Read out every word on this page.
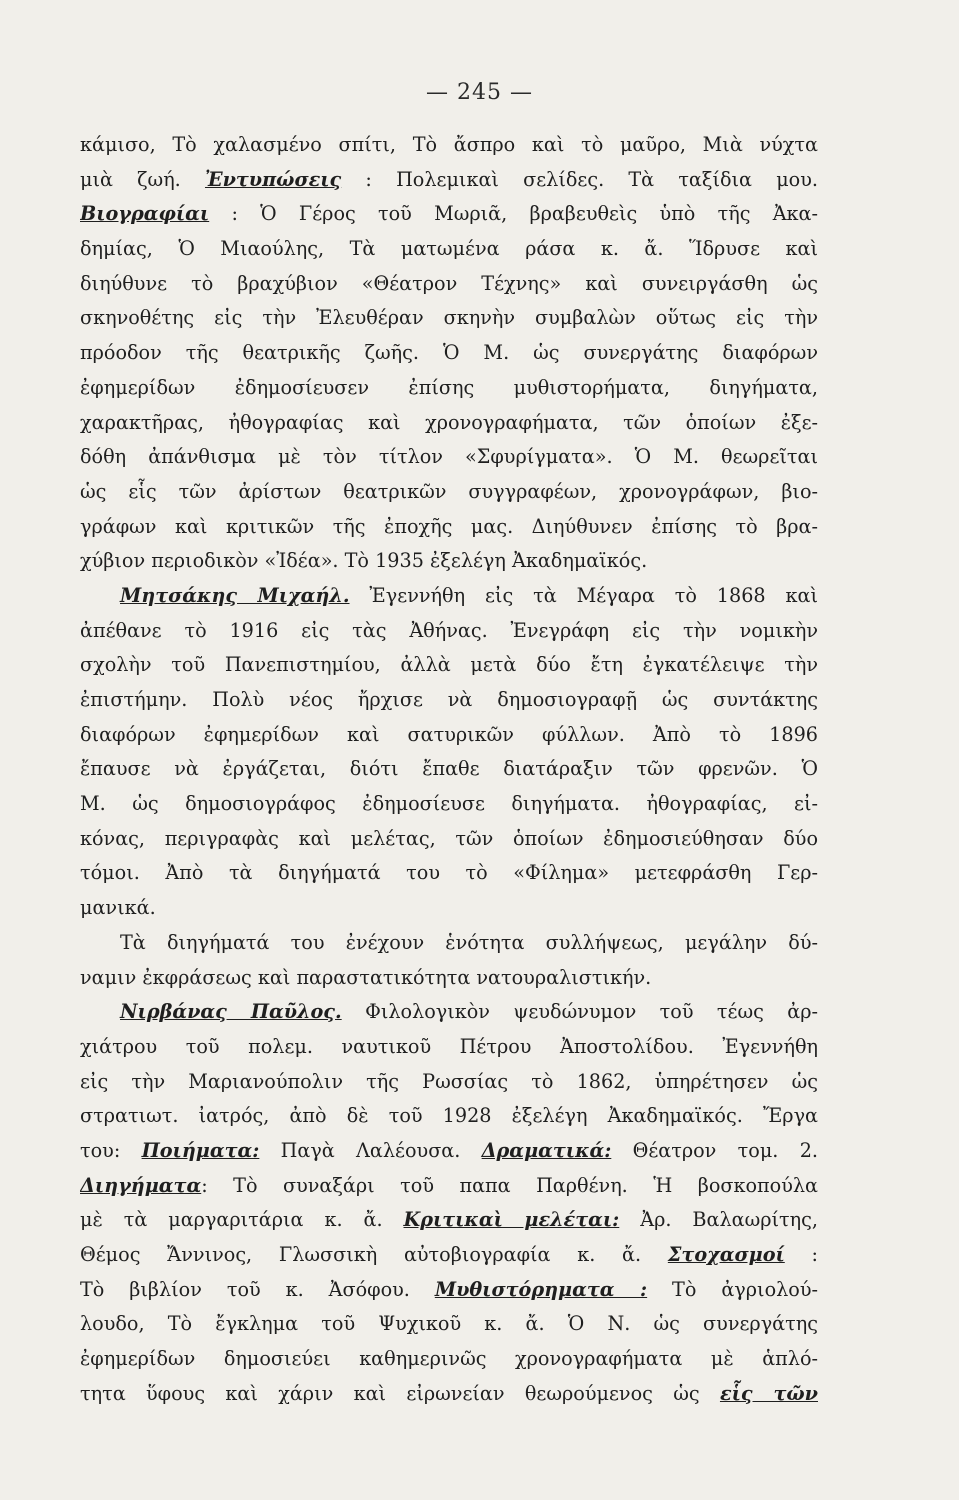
— 245 —
κάμισο, Τὸ χαλασμένο σπίτι, Τὸ ἄσπρο καὶ τὸ μαῦρο, Μιὰ νύχτα
μιὰ ζωή. Ἐντυπώσεις : Πολεμικαὶ σελίδες. Τὰ ταξίδια μου.
Βιογραφίαι : Ὁ Γέρος τοῦ Μωριᾶ, βραβευθεὶς ὑπὸ τῆς Ἀκα-
δημίας, Ὁ Μιαούλης, Τὰ ματωμένα ράσα κ. ἄ. Ἵδρυσε καὶ
διηύθυνε τὸ βραχύβιον «Θέατρον Τέχνης» καὶ συνειργάσθη ὡς
σκηνοθέτης εἰς τὴν Ἐλευθέραν σκηνὴν συμβαλὼν οὕτως εἰς τὴν
πρόοδον τῆς θεατρικῆς ζωῆς. Ὁ Μ. ὡς συνεργάτης διαφόρων
ἐφημερίδων ἐδημοσίευσεν ἐπίσης μυθιστορήματα, διηγήματα,
χαρακτῆρας, ἠθογραφίας καὶ χρονογραφήματα, τῶν ὁποίων ἐξε-
δόθη ἀπάνθισμα μὲ τὸν τίτλον «Σφυρίγματα». Ὁ Μ. θεωρεῖται
ὡς εἷς τῶν ἀρίστων θεατρικῶν συγγραφέων, χρονογράφων, βιο-
γράφων καὶ κριτικῶν τῆς ἐποχῆς μας. Διηύθυνεν ἐπίσης τὸ βρα-
χύβιον περιοδικὸν «Ἰδέα». Τὸ 1935 ἐξελέγη Ἀκαδημαϊκός.
Μητσάκης Μιχαήλ. Ἐγεννήθη εἰς τὰ Μέγαρα τὸ 1868 καὶ
ἀπέθανε τὸ 1916 εἰς τὰς Ἀθήνας. Ἐνεγράφη εἰς τὴν νομικὴν
σχολὴν τοῦ Πανεπιστημίου, ἀλλὰ μετὰ δύο ἔτη ἐγκατέλειψε τὴν
ἐπιστήμην. Πολὺ νέος ἤρχισε νὰ δημοσιογραφῇ ὡς συντάκτης
διαφόρων ἐφημερίδων καὶ σατυρικῶν φύλλων. Ἀπὸ τὸ 1896
ἔπαυσε νὰ ἐργάζεται, διότι ἔπαθε διατάραξιν τῶν φρενῶν. Ὁ
Μ. ὡς δημοσιογράφος ἐδημοσίευσε διηγήματα. ἠθογραφίας, εἰ-
κόνας, περιγραφὰς καὶ μελέτας, τῶν ὁποίων ἐδημοσιεύθησαν δύο
τόμοι. Ἀπὸ τὰ διηγήματά του τὸ «Φίλημα» μετεφράσθη Γερ-
μανικά.
Τὰ διηγήματά του ἐνέχουν ἑνότητα συλλήψεως, μεγάλην δύ-
ναμιν ἐκφράσεως καὶ παραστατικότητα νατουραλιστικήν.
Νιρβάνας Παῦλος. Φιλολογικὸν ψευδώνυμον τοῦ τέως ἀρ-
χιάτρου τοῦ πολεμ. ναυτικοῦ Πέτρου Ἀποστολίδου. Ἐγεννήθη
εἰς τὴν Μαριανούπολιν τῆς Ρωσσίας τὸ 1862, ὑπηρέτησεν ὡς
στρατιωτ. ἰατρός, ἀπὸ δὲ τοῦ 1928 ἐξελέγη Ἀκαδημαϊκός. Ἔργα
του: Ποιήματα: Παγὰ Λαλέουσα. Δραματικά: Θέατρον τομ. 2.
Διηγήματα: Τὸ συναξάρι τοῦ παπα Παρθένη. Ἡ βοσκοπούλα
μὲ τὰ μαργαριτάρια κ. ἄ. Κριτικαὶ μελέται: Ἀρ. Βαλαωρίτης,
Θέμος Ἄννινος, Γλωσσικὴ αὐτοβιογραφία κ. ἄ. Στοχασμοί :
Τὸ βιβλίον τοῦ κ. Ἀσόφου. Μυθιστόρηματα : Τὸ ἀγριολού-
λουδο, Τὸ ἔγκλημα τοῦ Ψυχικοῦ κ. ἄ. Ὁ Ν. ὡς συνεργάτης
ἐφημερίδων δημοσιεύει καθημερινῶς χρονογραφήματα μὲ ἁπλό-
τητα ὕφους καὶ χάριν καὶ εἰρωνείαν θεωρούμενος ὡς εἷς τῶν
